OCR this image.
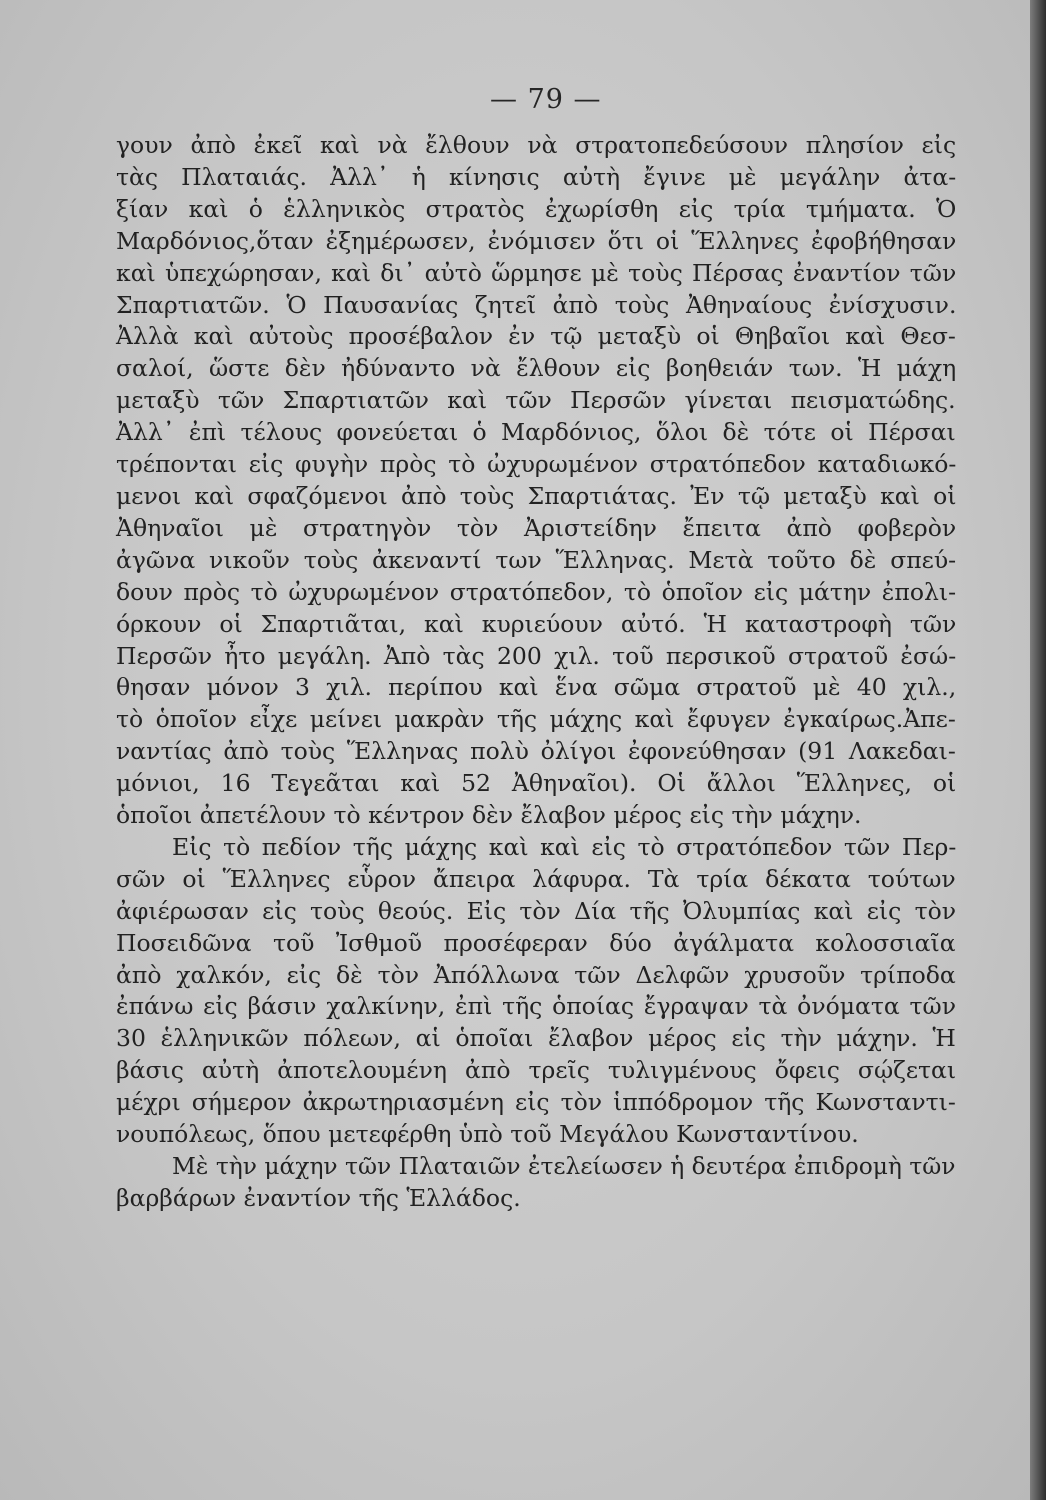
— 79 —

γουν ἀπὸ ἐκεῖ καὶ νὰ ἔλθουν νὰ στρατοπεδεύσουν πλησίον εἰς
τὰς Πλαταιάς. Ἀλλ᾿ ἡ κίνησις αὐτὴ ἔγινε μὲ μεγάλην ἀτα-
ξίαν καὶ ὁ ἑλληνικὸς στρατὸς ἐχωρίσθη εἰς τρία τμήματα. Ὁ
Μαρδόνιος,ὅταν ἐξημέρωσεν, ἐνόμισεν ὅτι οἱ Ἕλληνες ἐφοβήθησαν
καὶ ὑπεχώρησαν, καὶ δι᾿ αὐτὸ ὥρμησε μὲ τοὺς Πέρσας ἐναντίον τῶν
Σπαρτιατῶν. Ὁ Παυσανίας ζητεῖ ἀπὸ τοὺς Ἀθηναίους ἐνίσχυσιν.
Ἀλλὰ καὶ αὐτοὺς προσέβαλον ἐν τῷ μεταξὺ οἱ Θηβαῖοι καὶ Θεσ-
σαλοί, ὥστε δὲν ἠδύναντο νὰ ἔλθουν εἰς βοηθειάν των. Ἡ μάχη
μεταξὺ τῶν Σπαρτιατῶν καὶ τῶν Περσῶν γίνεται πεισματώδης.
Ἀλλ᾿ ἐπὶ τέλους φονεύεται ὁ Μαρδόνιος, ὅλοι δὲ τότε οἱ Πέρσαι
τρέπονται εἰς φυγὴν πρὸς τὸ ὠχυρωμένον στρατόπεδον καταδιωκό-
μενοι καὶ σφαζόμενοι ἀπὸ τοὺς Σπαρτιάτας. Ἐν τῷ μεταξὺ καὶ οἱ
Ἀθηναῖοι μὲ στρατηγὸν τὸν Ἀριστείδην ἔπειτα ἀπὸ φοβερὸν
ἀγῶνα νικοῦν τοὺς ἀκεναντί των Ἕλληνας. Μετὰ τοῦτο δὲ σπεύ-
δουν πρὸς τὸ ὠχυρωμένον στρατόπεδον, τὸ ὁποῖον εἰς μάτην ἐπολι-
όρκουν οἱ Σπαρτιᾶται, καὶ κυριεύουν αὐτό. Ἡ καταστροφὴ τῶν
Περσῶν ἦτο μεγάλη. Ἀπὸ τὰς 200 χιλ. τοῦ περσικοῦ στρατοῦ ἐσώ-
θησαν μόνον 3 χιλ. περίπου καὶ ἕνα σῶμα στρατοῦ μὲ 40 χιλ.,
τὸ ὁποῖον εἶχε μείνει μακρὰν τῆς μάχης καὶ ἔφυγεν ἐγκαίρως.Ἀπε-
ναντίας ἀπὸ τοὺς Ἕλληνας πολὺ ὀλίγοι ἐφονεύθησαν (91 Λακεδαι-
μόνιοι, 16 Τεγεᾶται καὶ 52 Ἀθηναῖοι). Οἱ ἄλλοι Ἕλληνες, οἱ
ὁποῖοι ἀπετέλουν τὸ κέντρον δὲν ἔλαβον μέρος εἰς τὴν μάχην.

Εἰς τὸ πεδίον τῆς μάχης καὶ καὶ εἰς τὸ στρατόπεδον τῶν Περ-
σῶν οἱ Ἕλληνες εὗρον ἄπειρα λάφυρα. Τὰ τρία δέκατα τούτων
ἀφιέρωσαν εἰς τοὺς θεούς. Εἰς τὸν Δία τῆς Ὀλυμπίας καὶ εἰς τὸν
Ποσειδῶνα τοῦ Ἰσθμοῦ προσέφεραν δύο ἀγάλματα κολοσσιαῖα
ἀπὸ χαλκόν, εἰς δὲ τὸν Ἀπόλλωνα τῶν Δελφῶν χρυσοῦν τρίποδα
ἐπάνω εἰς βάσιν χαλκίνην, ἐπὶ τῆς ὁποίας ἔγραψαν τὰ ὀνόματα τῶν
30 ἑλληνικῶν πόλεων, αἱ ὁποῖαι ἔλαβον μέρος εἰς τὴν μάχην. Ἡ
βάσις αὐτὴ ἀποτελουμένη ἀπὸ τρεῖς τυλιγμένους ὄφεις σῴζεται
μέχρι σήμερον ἀκρωτηριασμένη εἰς τὸν ἱππόδρομον τῆς Κωνσταντι-
νουπόλεως, ὅπου μετεφέρθη ὑπὸ τοῦ Μεγάλου Κωνσταντίνου.

Μὲ τὴν μάχην τῶν Πλαταιῶν ἐτελείωσεν ἡ δευτέρα ἐπιδρομὴ τῶν
βαρβάρων ἐναντίον τῆς Ἑλλάδος.
